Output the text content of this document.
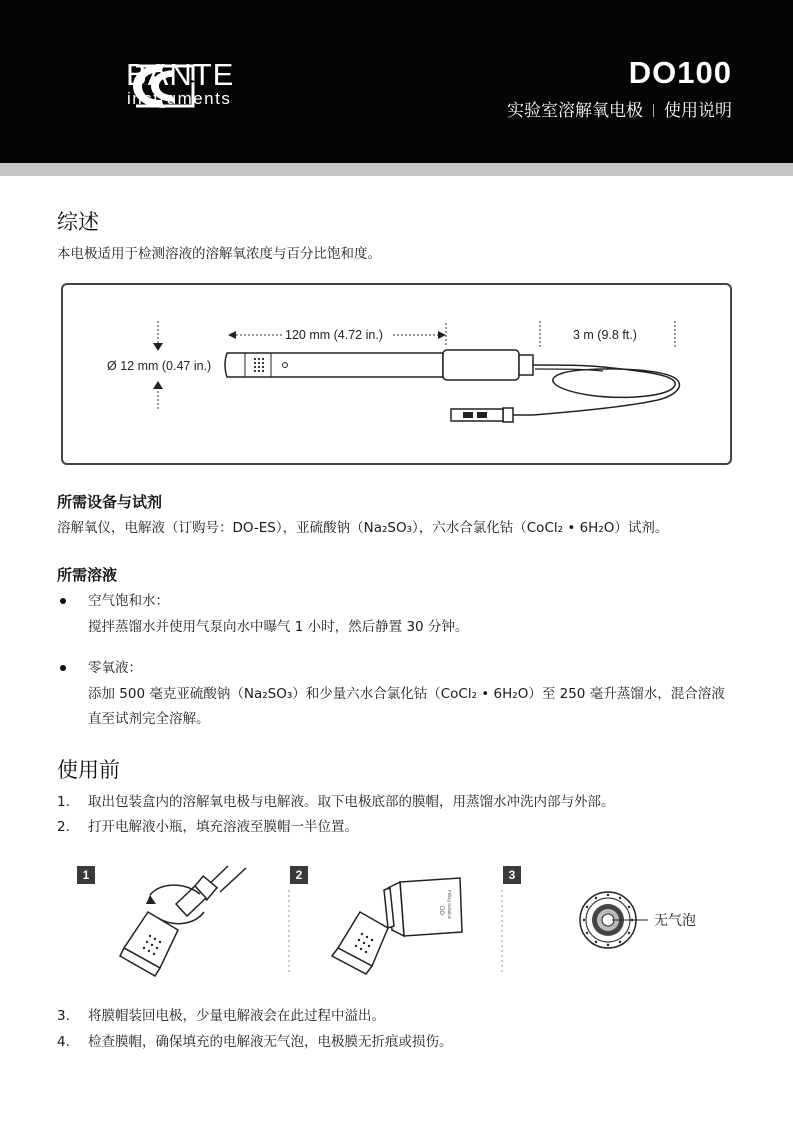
BANTE
instruments
DO100
实验室溶解氧电极 使用说明
综述
本电极适用于检测溶液的溶解氧浓度与百分比饱和度。
Ø 12 mm (0.47 in.)
120 mm (4.72 in.)	3 m (9.8 ft.)
所需设备与试剂
溶解氧仪，电解液（订购号：DO-ES），亚硫酸钠（Na₂SO₃），六水合氯化钴（CoCl₂ • 6H₂O）试剂。
所需溶液
空气饱和水：
搅拌蒸馏水并使用气泵向水中曝气 1 小时，然后静置 30 分钟。
零氧液：
添加 500 毫克亚硫酸钠（Na₂SO₃）和少量六水合氯化钴（CoCl₂ • 6H₂O）至 250 毫升蒸馏水，混合溶液
直至试剂完全溶解。
使用前
1. 取出包装盒内的溶解氧电极与电解液。取下电极底部的膜帽，用蒸馏水冲洗内部与外部。
2. 打开电解液小瓶，填充溶液至膜帽一半位置。
1	2	3
DO Filling Solution
无气泡
3. 将膜帽装回电极，少量电解液会在此过程中溢出。
4. 检查膜帽，确保填充的电解液无气泡，电极膜无折痕或损伤。
